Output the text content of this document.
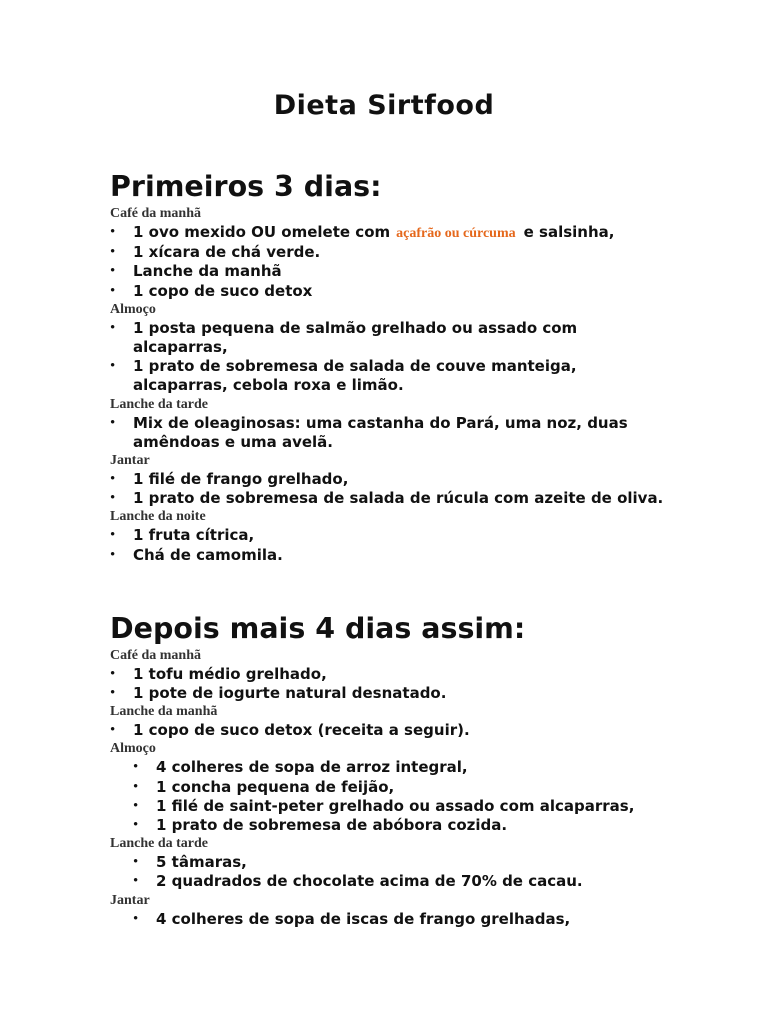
Dieta Sirtfood
Primeiros 3 dias:

Café da manhã

• 1 ovo mexido OU omelete com açafrão ou cúrcuma e salsinha,
• 1 xícara de chá verde.
• Lanche da manhã
• 1 copo de suco detox

Almoço

• 1 posta pequena de salmão grelhado ou assado com alcaparras,
• 1 prato de sobremesa de salada de couve manteiga, alcaparras, cebola roxa e limão.

Lanche da tarde

• Mix de oleaginosas: uma castanha do Pará, uma noz, duas amêndoas e uma avelã.

Jantar

• 1 filé de frango grelhado,
• 1 prato de sobremesa de salada de rúcula com azeite de oliva.

Lanche da noite

• 1 fruta cítrica,
• Chá de camomila.
Depois mais 4 dias assim:

Café da manhã

• 1 tofu médio grelhado,
• 1 pote de iogurte natural desnatado.

Lanche da manhã

• 1 copo de suco detox (receita a seguir).

Almoço

• 4 colheres de sopa de arroz integral,
• 1 concha pequena de feijão,
• 1 filé de saint-peter grelhado ou assado com alcaparras,
• 1 prato de sobremesa de abóbora cozida.

Lanche da tarde

• 5 tâmaras,
• 2 quadrados de chocolate acima de 70% de cacau.

Jantar

• 4 colheres de sopa de iscas de frango grelhadas,
